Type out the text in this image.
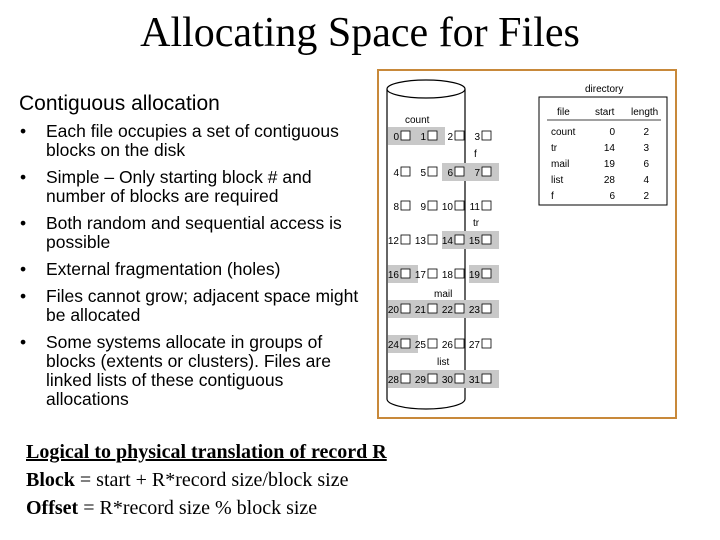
Allocating Space for Files
Contiguous allocation
• Each file occupies a set of contiguous blocks on the disk
• Simple – Only starting block # and number of blocks are required
• Both random and sequential access is possible
• External fragmentation (holes)
• Files cannot grow; adjacent space might be allocated
• Some systems allocate in groups of blocks (extents or clusters). Files are linked lists of these contiguous allocations
0 1 2 3
4 5 6 7
8 9 10 11
12 13 14 15
16 17 18 19
20 21 22 23
24 25 26 27
28 29 30 31
count
f
tr
mail
list
directory
file	start length
count	0	2
tr	14	3
mail	19	6
list	28	4
f	6	2
Logical to physical translation of record R
Block = start + R*record size/block size
Offset = R*record size % block size
